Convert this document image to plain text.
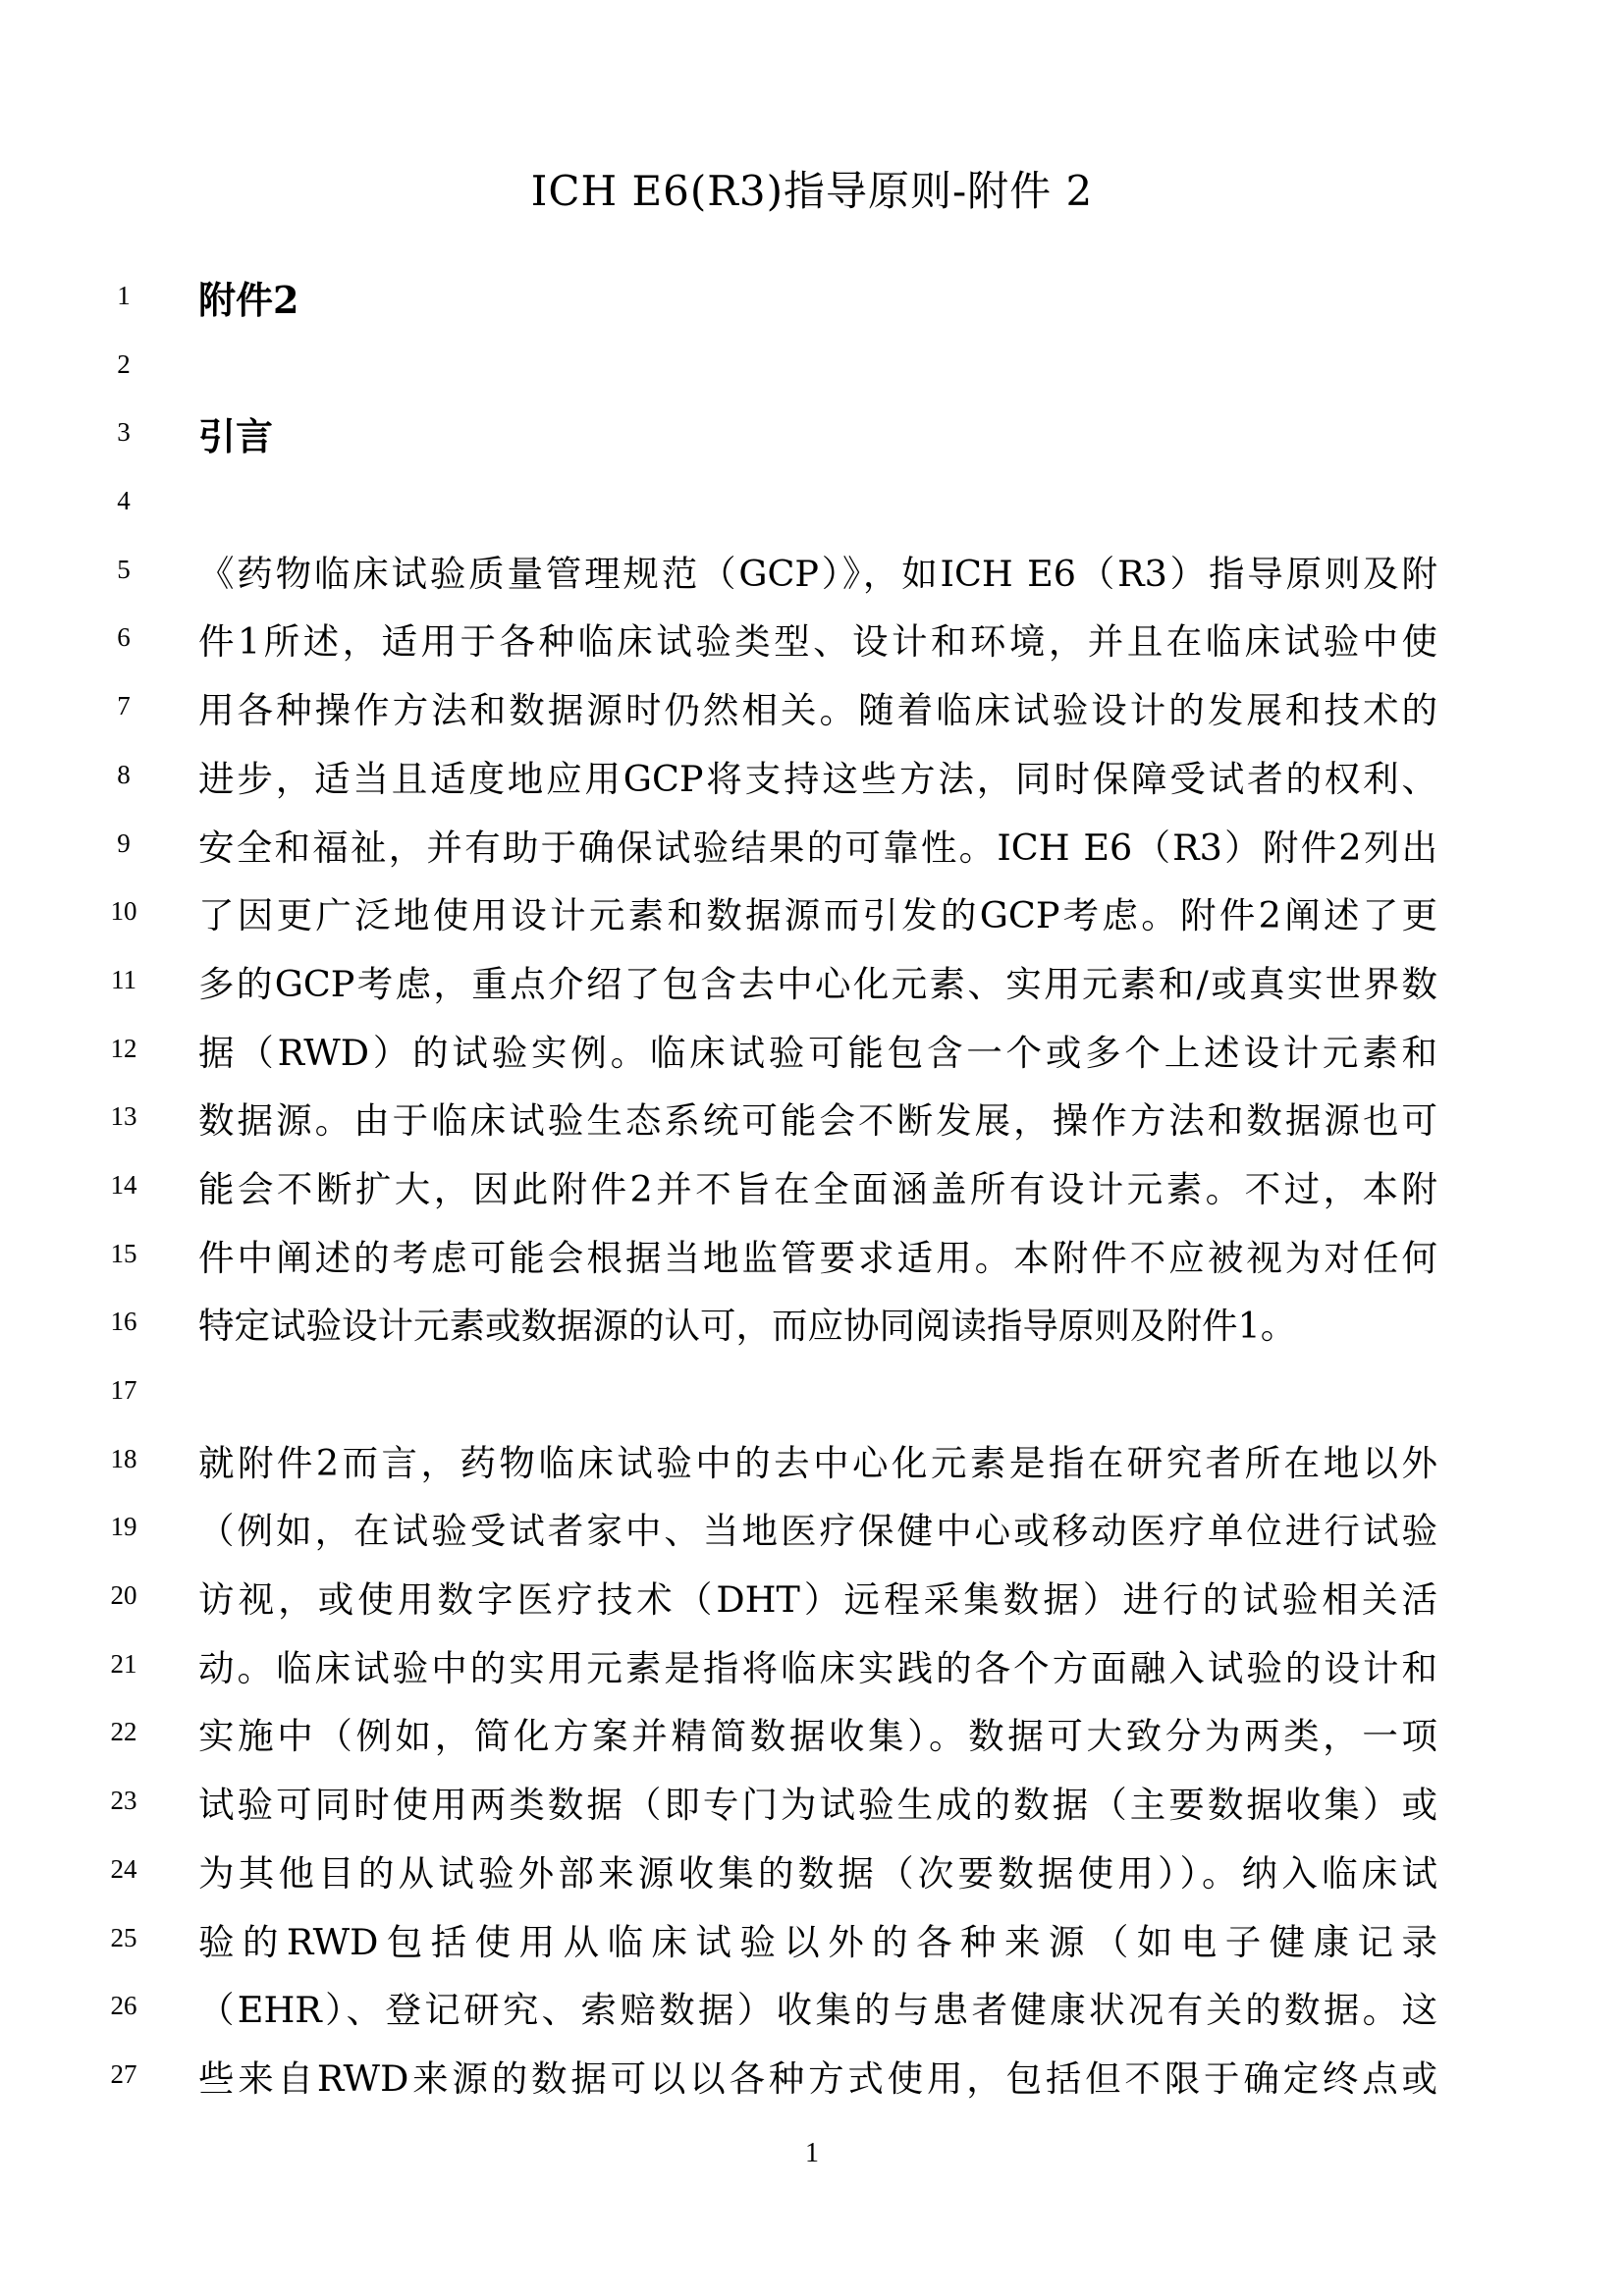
ICH E6(R3)指导原则-附件 2
1	附件2
2
3	引言
4
5	《药物临床试验质量管理规范（GCP）》，如ICH E6（R3）指导原则及附
6	件1所述，适用于各种临床试验类型、设计和环境，并且在临床试验中使
7	用各种操作方法和数据源时仍然相关。随着临床试验设计的发展和技术的
8	进步，适当且适度地应用GCP将支持这些方法，同时保障受试者的权利、
9	安全和福祉，并有助于确保试验结果的可靠性。ICH E6（R3）附件2列出
10	了因更广泛地使用设计元素和数据源而引发的GCP考虑。附件2阐述了更
11	多的GCP考虑，重点介绍了包含去中心化元素、实用元素和/或真实世界数
12	据（RWD）的试验实例。临床试验可能包含一个或多个上述设计元素和
13	数据源。由于临床试验生态系统可能会不断发展，操作方法和数据源也可
14	能会不断扩大，因此附件2并不旨在全面涵盖所有设计元素。不过，本附
15	件中阐述的考虑可能会根据当地监管要求适用。本附件不应被视为对任何
16	特定试验设计元素或数据源的认可，而应协同阅读指导原则及附件1。
17
18	就附件2而言，药物临床试验中的去中心化元素是指在研究者所在地以外
19	（例如，在试验受试者家中、当地医疗保健中心或移动医疗单位进行试验
20	访视，或使用数字医疗技术（DHT）远程采集数据）进行的试验相关活
21	动。临床试验中的实用元素是指将临床实践的各个方面融入试验的设计和
22	实施中（例如，简化方案并精简数据收集）。数据可大致分为两类，一项
23	试验可同时使用两类数据（即专门为试验生成的数据（主要数据收集）或
24	为其他目的从试验外部来源收集的数据（次要数据使用））。纳入临床试
25	验的RWD包括使用从临床试验以外的各种来源（如电子健康记录
26	（EHR）、登记研究、索赔数据）收集的与患者健康状况有关的数据。这
27	些来自RWD来源的数据可以以各种方式使用，包括但不限于确定终点或
1
